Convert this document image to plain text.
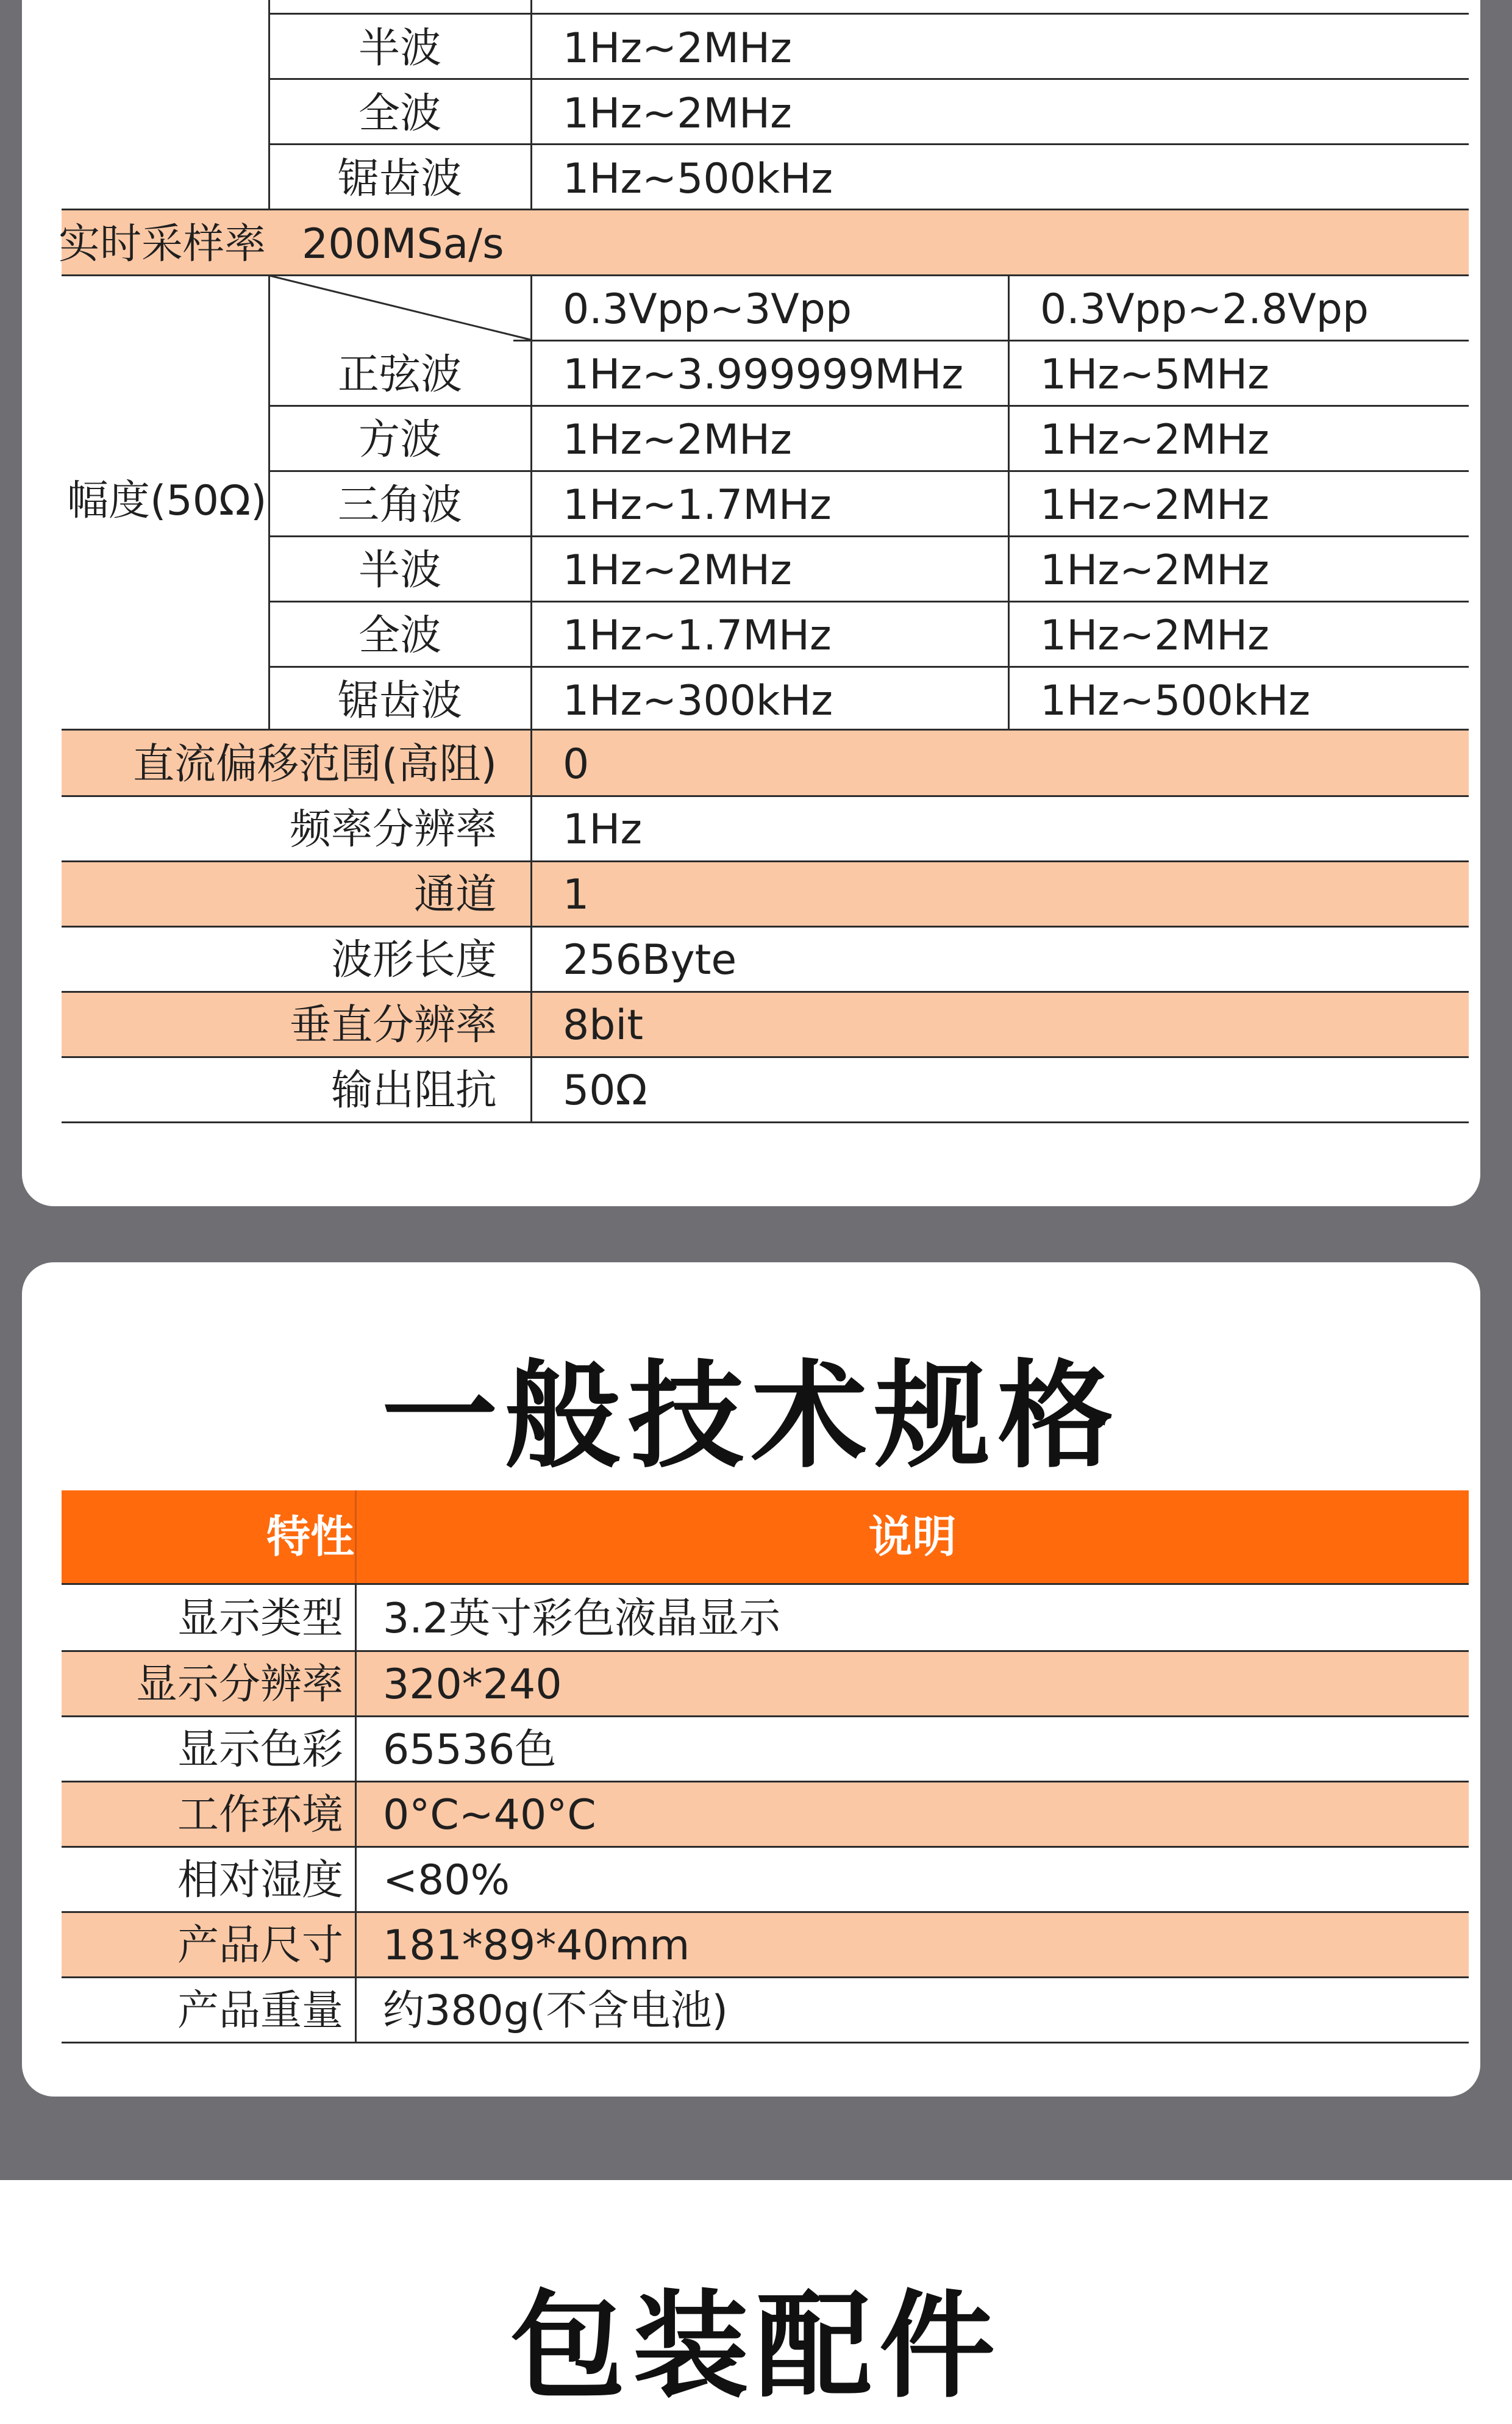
半波	1Hz~2MHz
全波	1Hz~2MHz
锯齿波	1Hz~500kHz
实时采样率 200MSa/s
幅度(50Ω)
0.3Vpp~3Vpp	0.3Vpp~2.8Vpp
正弦波	1Hz~3.999999MHz 1Hz~5MHz
方波	1Hz~2MHz	1Hz~2MHz
三角波	1Hz~1.7MHz	1Hz~2MHz
半波	1Hz~2MHz	1Hz~2MHz
全波	1Hz~1.7MHz	1Hz~2MHz
锯齿波	1Hz~300kHz	1Hz~500kHz
直流偏移范围(高阻) 0
频率分辨率 1Hz
通道 1
波形长度 256Byte
垂直分辨率 8bit
输出阻抗 50Ω
一般技术规格
特性	说明
显示类型 3.2英寸彩色液晶显示
显示分辨率 320*240
显示色彩 65536色
工作环境 0°C~40°C
相对湿度 <80%
产品尺寸 181*89*40mm
产品重量 约380g(不含电池)
包装配件
